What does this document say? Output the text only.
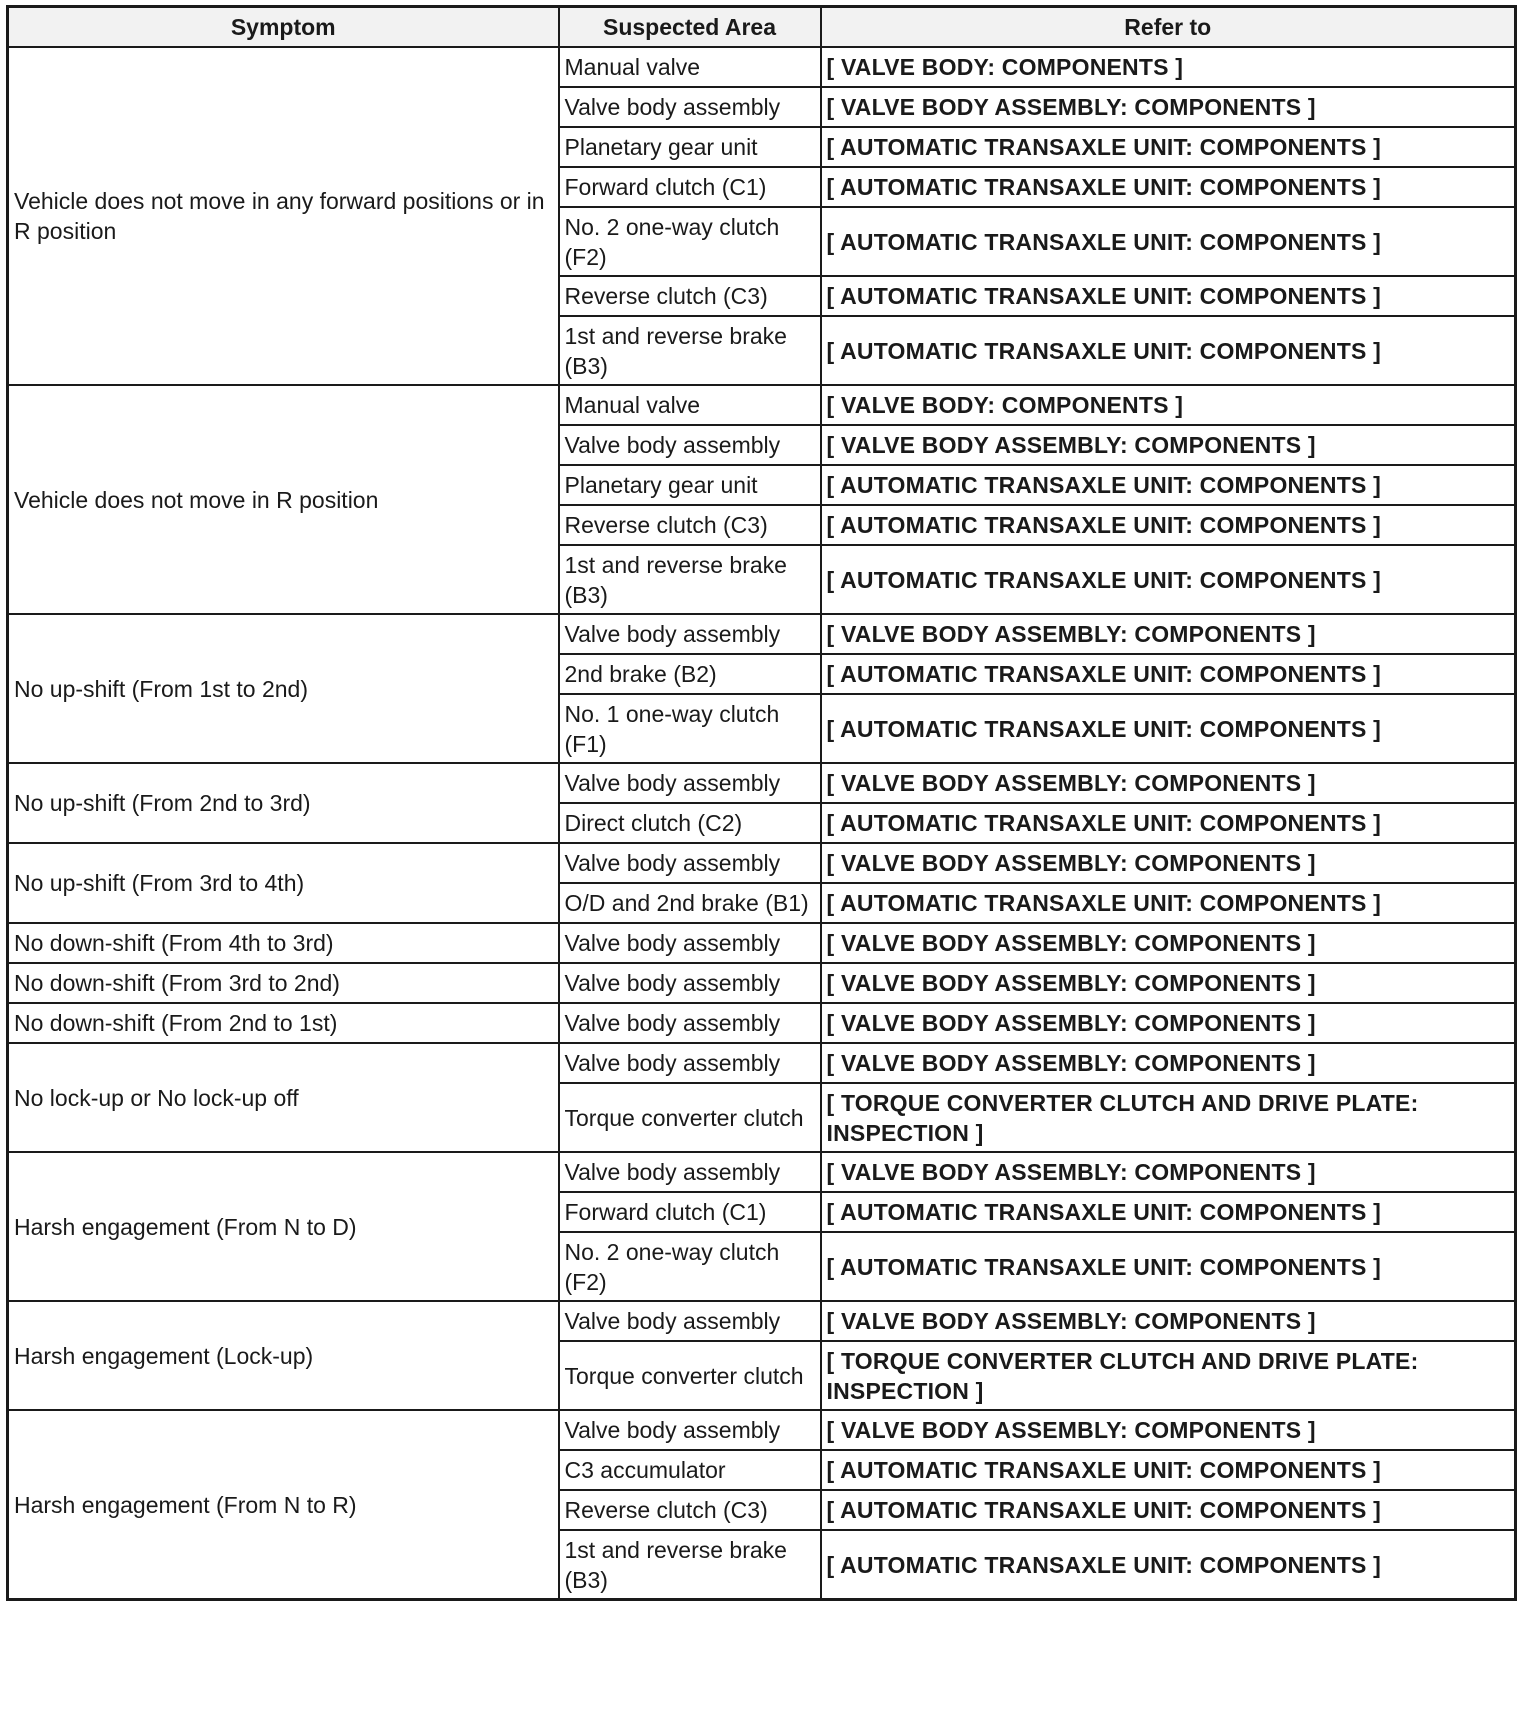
Symptom	Suspected Area	Refer to
Vehicle does not move in any forward positions or in R position	Manual valve	[ VALVE BODY: COMPONENTS ]
	Valve body assembly	[ VALVE BODY ASSEMBLY: COMPONENTS ]
	Planetary gear unit	[ AUTOMATIC TRANSAXLE UNIT: COMPONENTS ]
	Forward clutch (C1)	[ AUTOMATIC TRANSAXLE UNIT: COMPONENTS ]
	No. 2 one-way clutch (F2)	[ AUTOMATIC TRANSAXLE UNIT: COMPONENTS ]
	Reverse clutch (C3)	[ AUTOMATIC TRANSAXLE UNIT: COMPONENTS ]
	1st and reverse brake (B3)	[ AUTOMATIC TRANSAXLE UNIT: COMPONENTS ]
Vehicle does not move in R position	Manual valve	[ VALVE BODY: COMPONENTS ]
	Valve body assembly	[ VALVE BODY ASSEMBLY: COMPONENTS ]
	Planetary gear unit	[ AUTOMATIC TRANSAXLE UNIT: COMPONENTS ]
	Reverse clutch (C3)	[ AUTOMATIC TRANSAXLE UNIT: COMPONENTS ]
	1st and reverse brake (B3)	[ AUTOMATIC TRANSAXLE UNIT: COMPONENTS ]
No up-shift (From 1st to 2nd)	Valve body assembly	[ VALVE BODY ASSEMBLY: COMPONENTS ]
	2nd brake (B2)	[ AUTOMATIC TRANSAXLE UNIT: COMPONENTS ]
	No. 1 one-way clutch (F1)	[ AUTOMATIC TRANSAXLE UNIT: COMPONENTS ]
No up-shift (From 2nd to 3rd)	Valve body assembly	[ VALVE BODY ASSEMBLY: COMPONENTS ]
	Direct clutch (C2)	[ AUTOMATIC TRANSAXLE UNIT: COMPONENTS ]
No up-shift (From 3rd to 4th)	Valve body assembly	[ VALVE BODY ASSEMBLY: COMPONENTS ]
	O/D and 2nd brake (B1)	[ AUTOMATIC TRANSAXLE UNIT: COMPONENTS ]
No down-shift (From 4th to 3rd)	Valve body assembly	[ VALVE BODY ASSEMBLY: COMPONENTS ]
No down-shift (From 3rd to 2nd)	Valve body assembly	[ VALVE BODY ASSEMBLY: COMPONENTS ]
No down-shift (From 2nd to 1st)	Valve body assembly	[ VALVE BODY ASSEMBLY: COMPONENTS ]
No lock-up or No lock-up off	Valve body assembly	[ VALVE BODY ASSEMBLY: COMPONENTS ]
	Torque converter clutch	[ TORQUE CONVERTER CLUTCH AND DRIVE PLATE: INSPECTION ]
Harsh engagement (From N to D)	Valve body assembly	[ VALVE BODY ASSEMBLY: COMPONENTS ]
	Forward clutch (C1)	[ AUTOMATIC TRANSAXLE UNIT: COMPONENTS ]
	No. 2 one-way clutch (F2)	[ AUTOMATIC TRANSAXLE UNIT: COMPONENTS ]
Harsh engagement (Lock-up)	Valve body assembly	[ VALVE BODY ASSEMBLY: COMPONENTS ]
	Torque converter clutch	[ TORQUE CONVERTER CLUTCH AND DRIVE PLATE: INSPECTION ]
Harsh engagement (From N to R)	Valve body assembly	[ VALVE BODY ASSEMBLY: COMPONENTS ]
	C3 accumulator	[ AUTOMATIC TRANSAXLE UNIT: COMPONENTS ]
	Reverse clutch (C3)	[ AUTOMATIC TRANSAXLE UNIT: COMPONENTS ]
	1st and reverse brake (B3)	[ AUTOMATIC TRANSAXLE UNIT: COMPONENTS ]
